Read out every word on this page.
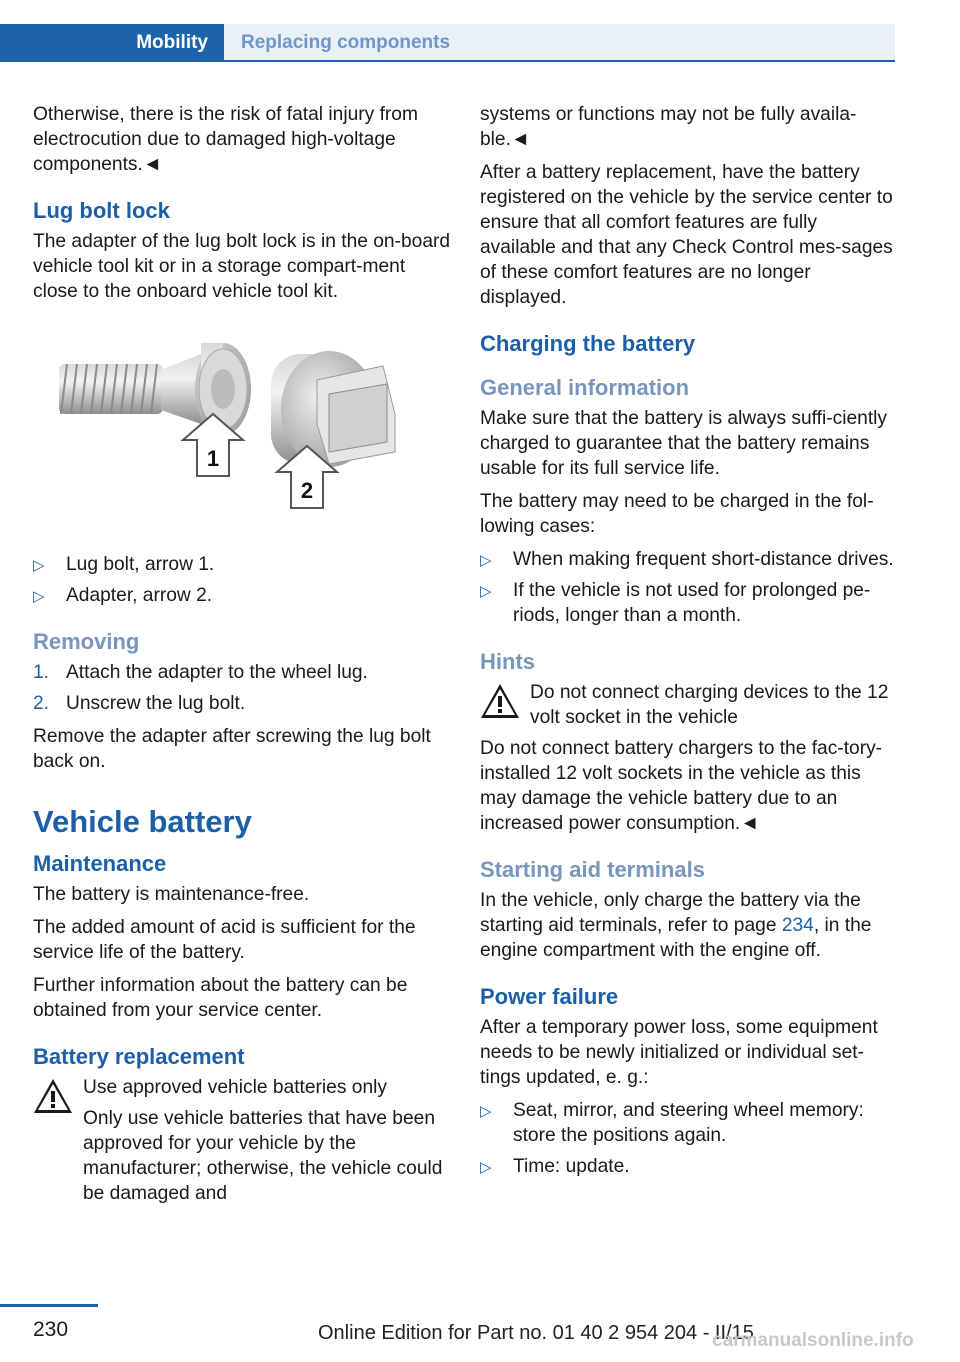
Mobility	Replacing components

Otherwise, there is the risk of fatal injury from electrocution due to damaged high-voltage components.◄

Lug bolt lock

The adapter of the lug bolt lock is in the on-board vehicle tool kit or in a storage compart-ment close to the onboard vehicle tool kit.

1
2
▷ Lug bolt, arrow 1.
▷ Adapter, arrow 2.
Removing
1. Attach the adapter to the wheel lug.
2. Unscrew the lug bolt.

Remove the adapter after screwing the lug bolt back on.

Vehicle battery
Maintenance

The battery is maintenance-free.

The added amount of acid is sufficient for the service life of the battery.

Further information about the battery can be obtained from your service center.

Battery replacement

Use approved vehicle batteries only

Only use vehicle batteries that have been approved for your vehicle by the manufacturer; otherwise, the vehicle could be damaged and

systems or functions may not be fully availa-ble.◄

After a battery replacement, have the battery registered on the vehicle by the service center to ensure that all comfort features are fully available and that any Check Control mes-sages of these comfort features are no longer displayed.

Charging the battery
General information

Make sure that the battery is always suffi-ciently charged to guarantee that the battery remains usable for its full service life.

The battery may need to be charged in the fol-lowing cases:

▷ When making frequent short-distance drives.
▷ If the vehicle is not used for prolonged pe-riods, longer than a month.
Hints

Do not connect charging devices to the 12 volt socket in the vehicle

Do not connect battery chargers to the fac-tory-installed 12 volt sockets in the vehicle as this may damage the vehicle battery due to an increased power consumption.◄

Starting aid terminals

In the vehicle, only charge the battery via the starting aid terminals, refer to page 234, in the engine compartment with the engine off.

Power failure

After a temporary power loss, some equipment needs to be newly initialized or individual set-tings updated, e. g.:

▷ Seat, mirror, and steering wheel memory: store the positions again.
▷ Time: update.
230	Online Edition for Part no. 01 40 2 954 204 - II/15
carmanualsonline.info
